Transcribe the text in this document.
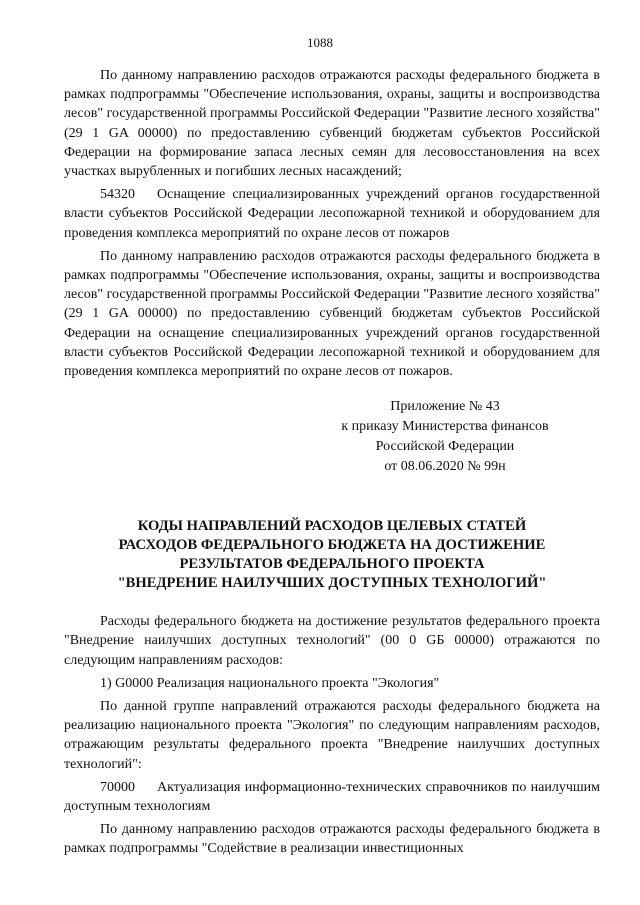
1088

По данному направлению расходов отражаются расходы федерального бюджета в рамках подпрограммы "Обеспечение использования, охраны, защиты и воспроизводства лесов" государственной программы Российской Федерации "Развитие лесного хозяйства" (29 1 GA 00000) по предоставлению субвенций бюджетам субъектов Российской Федерации на формирование запаса лесных семян для лесовосстановления на всех участках вырубленных и погибших лесных насаждений;

54320 Оснащение специализированных учреждений органов государственной власти субъектов Российской Федерации лесопожарной техникой и оборудованием для проведения комплекса мероприятий по охране лесов от пожаров

По данному направлению расходов отражаются расходы федерального бюджета в рамках подпрограммы "Обеспечение использования, охраны, защиты и воспроизводства лесов" государственной программы Российской Федерации "Развитие лесного хозяйства" (29 1 GA 00000) по предоставлению субвенций бюджетам субъектов Российской Федерации на оснащение специализированных учреждений органов государственной власти субъектов Российской Федерации лесопожарной техникой и оборудованием для проведения комплекса мероприятий по охране лесов от пожаров.

Приложение № 43
к приказу Министерства финансов
Российской Федерации
от 08.06.2020 № 99н
КОДЫ НАПРАВЛЕНИЙ РАСХОДОВ ЦЕЛЕВЫХ СТАТЕЙ
РАСХОДОВ ФЕДЕРАЛЬНОГО БЮДЖЕТА НА ДОСТИЖЕНИЕ
РЕЗУЛЬТАТОВ ФЕДЕРАЛЬНОГО ПРОЕКТА
"ВНЕДРЕНИЕ НАИЛУЧШИХ ДОСТУПНЫХ ТЕХНОЛОГИЙ"

Расходы федерального бюджета на достижение результатов федерального проекта "Внедрение наилучших доступных технологий" (00 0 GБ 00000) отражаются по следующим направлениям расходов:

1) G0000 Реализация национального проекта "Экология"

По данной группе направлений отражаются расходы федерального бюджета на реализацию национального проекта "Экология" по следующим направлениям расходов, отражающим результаты федерального проекта "Внедрение наилучших доступных технологий":

70000 Актуализация информационно-технических справочников по наилучшим доступным технологиям

По данному направлению расходов отражаются расходы федерального бюджета в рамках подпрограммы "Содействие в реализации инвестиционных
